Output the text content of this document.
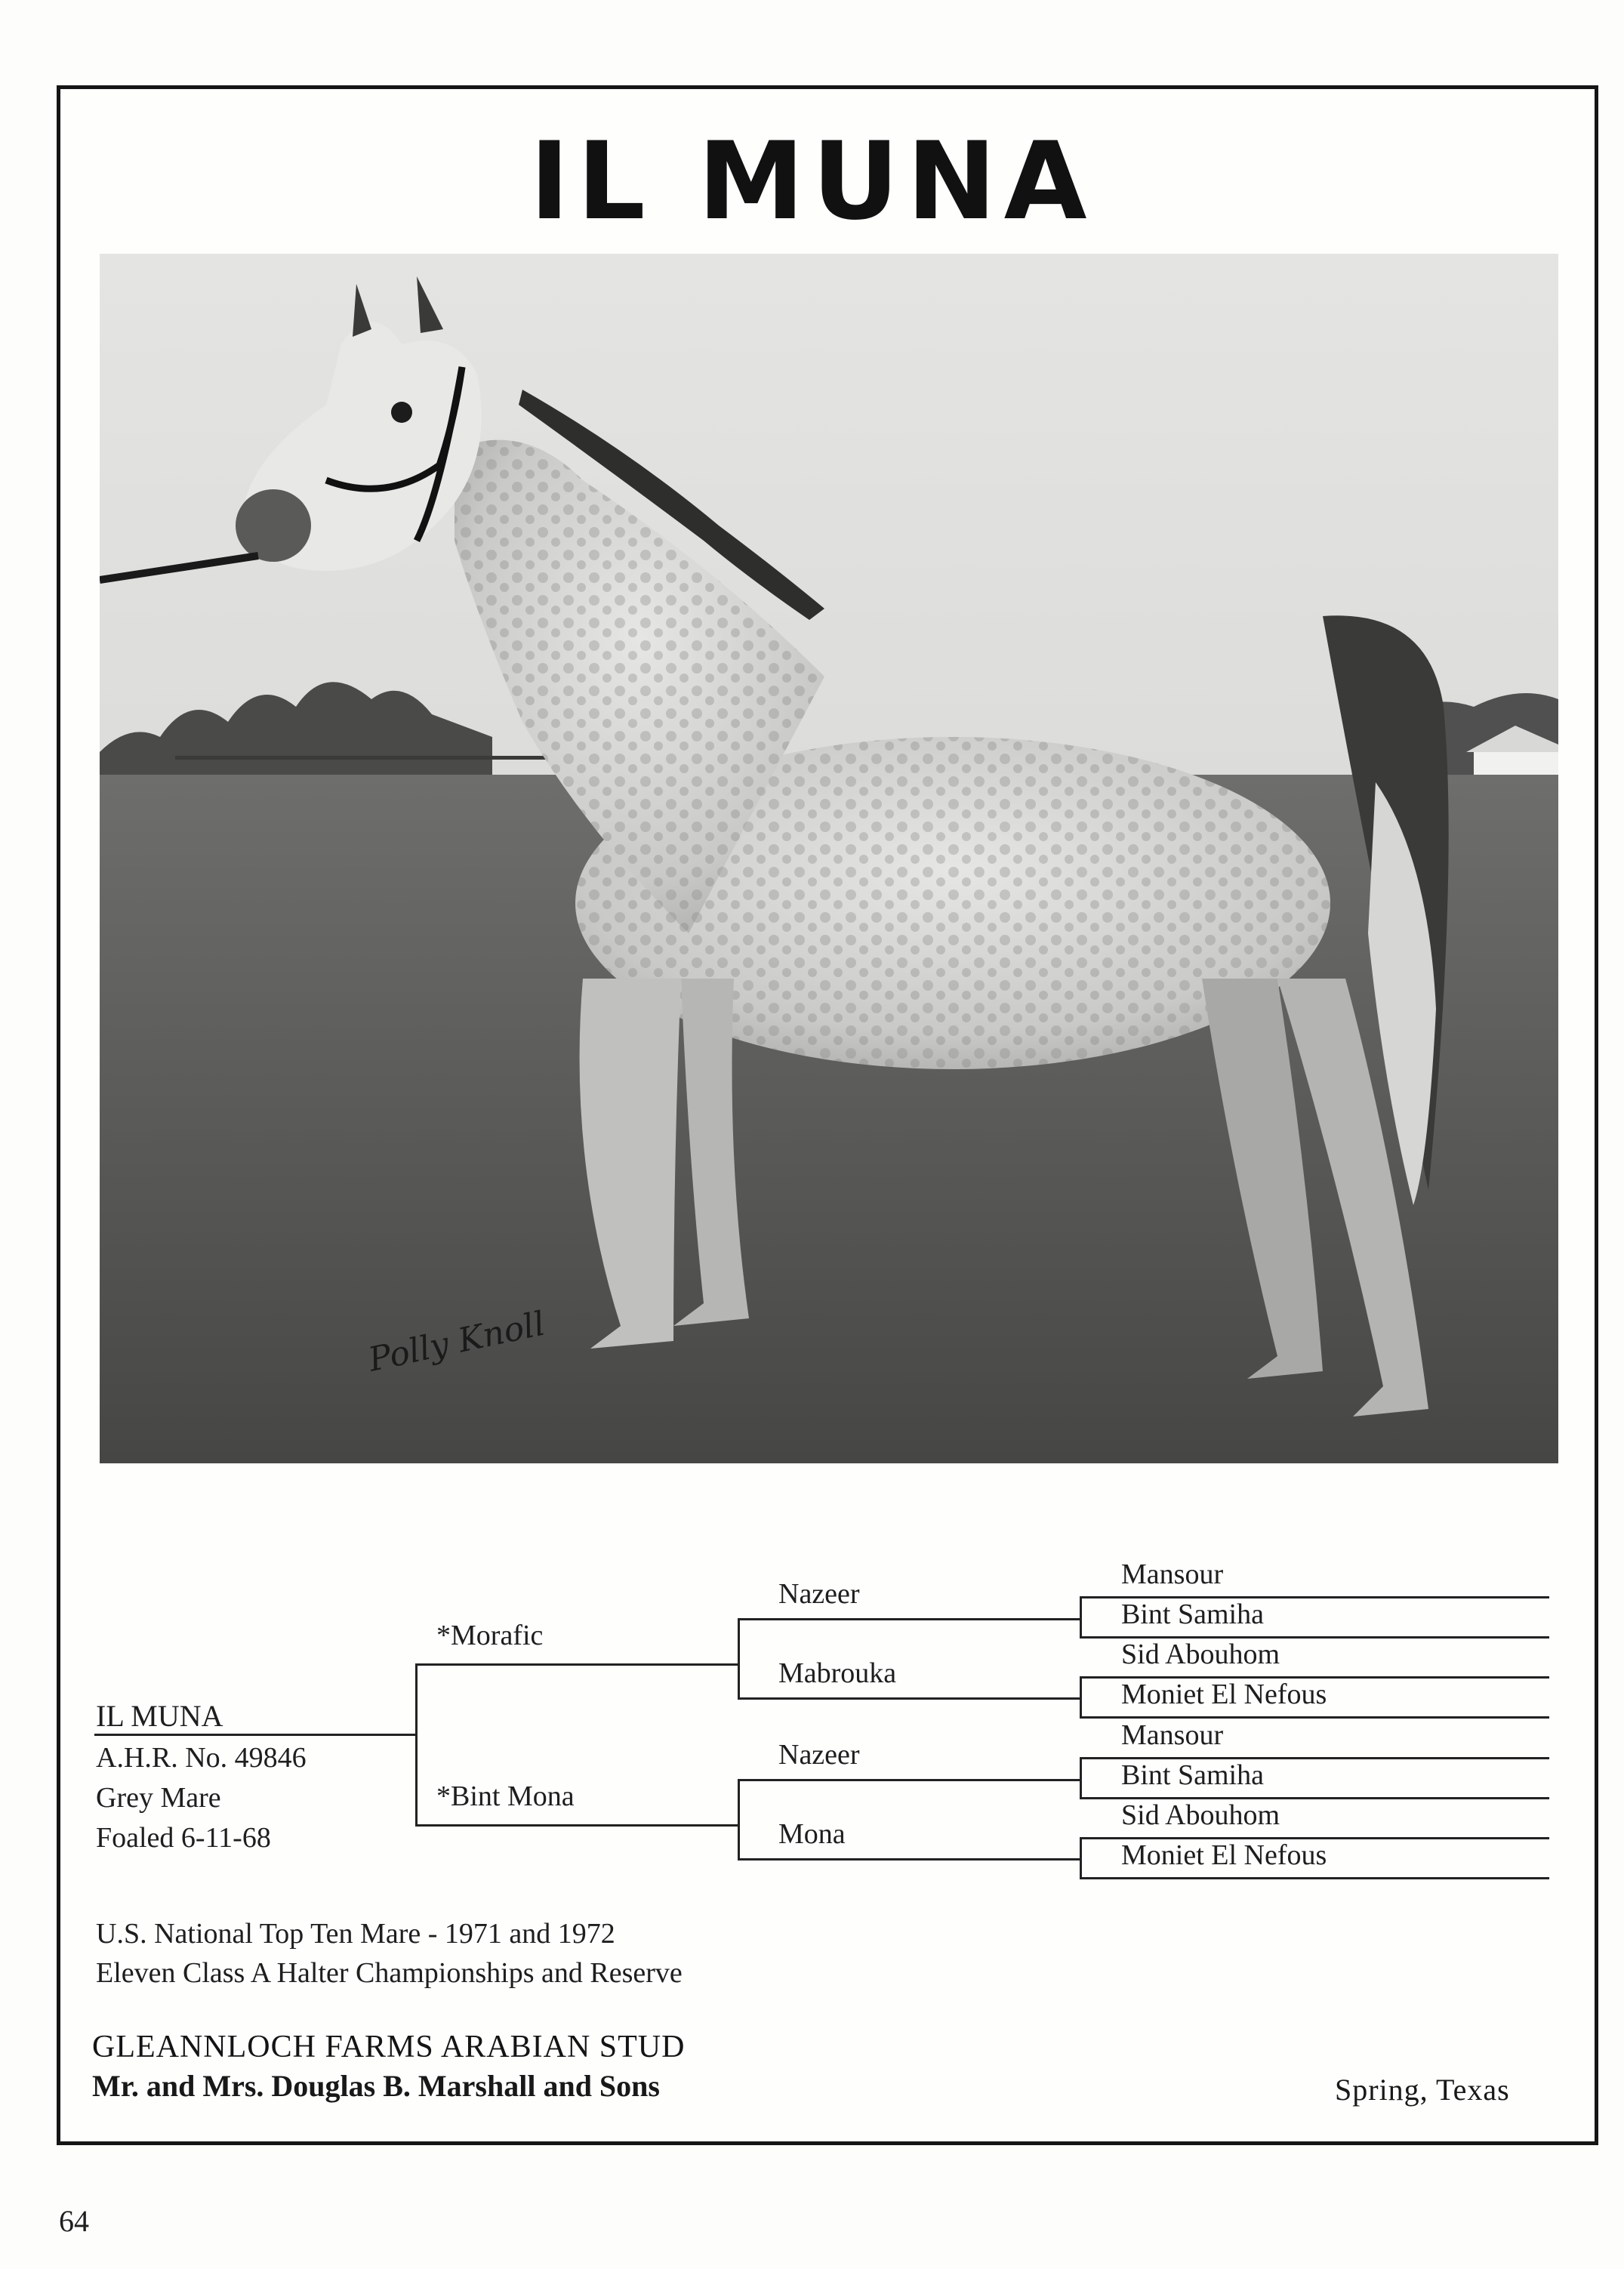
IL MUNA
Polly Knoll
IL MUNA
A.H.R. No. 49846
Grey Mare
Foaled 6-11-68
*Morafic
*Bint Mona
Nazeer
Mabrouka
Nazeer
Mona
Mansour
Bint Samiha
Sid Abouhom
Moniet El Nefous
Mansour
Bint Samiha
Sid Abouhom
Moniet El Nefous
U.S. National Top Ten Mare - 1971 and 1972
Eleven Class A Halter Championships and Reserve
GLEANNLOCH FARMS ARABIAN STUD
Mr. and Mrs. Douglas B. Marshall and Sons	Spring, Texas
64
